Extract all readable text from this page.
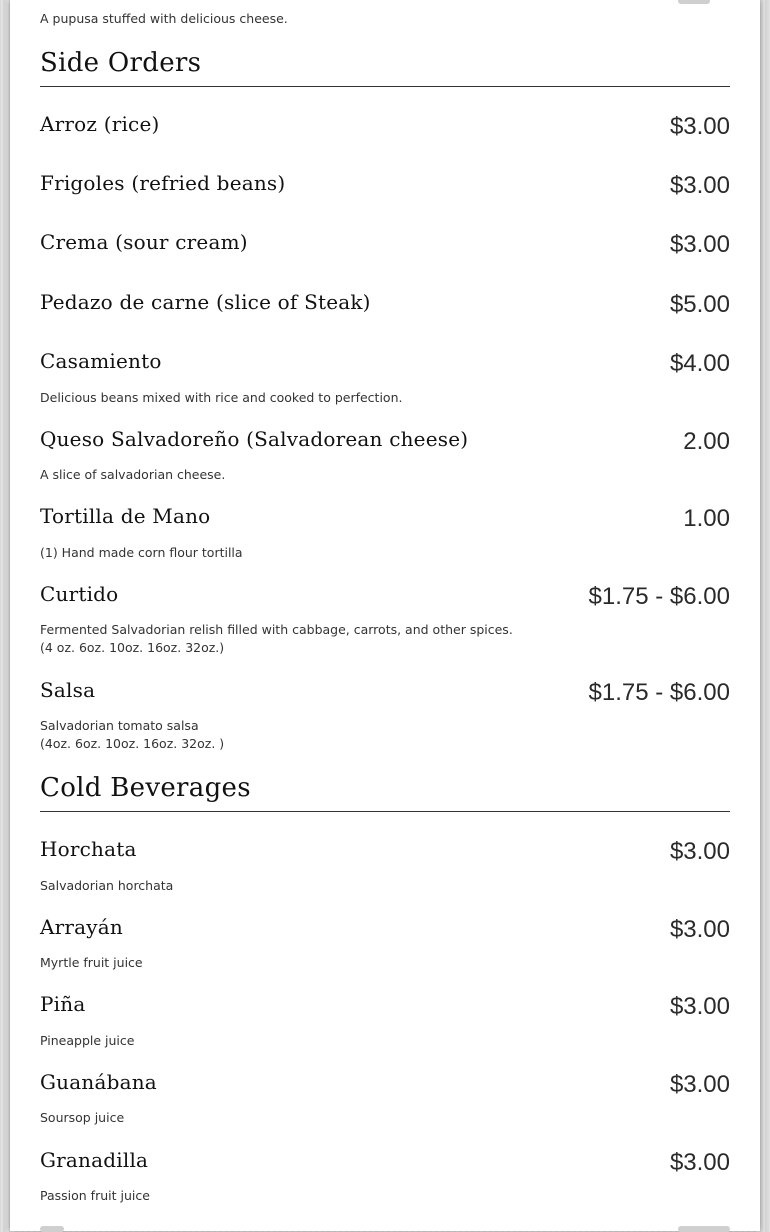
A pupusa stuffed with delicious cheese.
Side Orders
Arroz (rice)	$3.00
Frigoles (refried beans)	$3.00
Crema (sour cream)	$3.00
Pedazo de carne (slice of Steak)	$5.00
Casamiento	$4.00
Delicious beans mixed with rice and cooked to perfection.
Queso Salvadoreño (Salvadorean cheese)	2.00
A slice of salvadorian cheese.
Tortilla de Mano	1.00
(1) Hand made corn flour tortilla
Curtido	$1.75 - $6.00
Fermented Salvadorian relish filled with cabbage, carrots, and other spices.
(4 oz. 6oz. 10oz. 16oz. 32oz.)
Salsa	$1.75 - $6.00
Salvadorian tomato salsa
(4oz. 6oz. 10oz. 16oz. 32oz. )
Cold Beverages
Horchata	$3.00
Salvadorian horchata
Arrayán	$3.00
Myrtle fruit juice
Piña	$3.00
Pineapple juice
Guanábana	$3.00
Soursop juice
Granadilla	$3.00
Passion fruit juice
